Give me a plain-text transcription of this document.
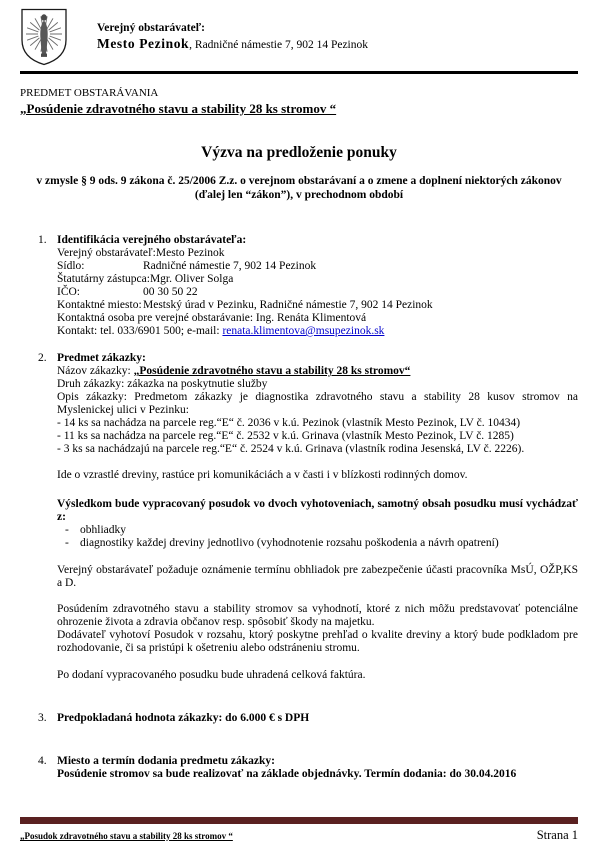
Verejný obstarávateľ:
Mesto Pezinok, Radničné námestie 7, 902 14 Pezinok
PREDMET OBSTARÁVANIA
„Posúdenie zdravotného stavu a stability 28 ks stromov “
Výzva na predloženie ponuky
v zmysle § 9 ods. 9 zákona č. 25/2006 Z.z. o verejnom obstarávaní a o zmene a doplnení niektorých zákonov
(ďalej len “zákon”), v prechodnom období
1. Identifikácia verejného obstarávateľa:
Verejný obstarávateľ: Mesto Pezinok
Sídlo:	Radničné námestie 7, 902 14 Pezinok
Štatutárny zástupca: Mgr. Oliver Solga
IČO:	00 30 50 22
Kontaktné miesto: Mestský úrad v Pezinku, Radničné námestie 7, 902 14 Pezinok
Kontaktná osoba pre verejné obstarávanie: Ing. Renáta Klimentová
Kontakt: tel. 033/6901 500; e-mail: renata.klimentova@msupezinok.sk
2. Predmet zákazky:
Názov zákazky: „Posúdenie zdravotného stavu a stability 28 ks stromov“
Druh zákazky: zákazka na poskytnutie služby
Opis zákazky: Predmetom zákazky je diagnostika zdravotného stavu a stability 28 kusov stromov na Myslenickej ulici v Pezinku:
- 14 ks sa nachádza na parcele reg.“E“ č. 2036 v k.ú. Pezinok (vlastník Mesto Pezinok, LV č. 10434)
- 11 ks sa nachádza na parcele reg.“E“ č. 2532 v k.ú. Grinava (vlastník Mesto Pezinok, LV č. 1285)
- 3 ks sa nachádzajú na parcele reg.“E“ č. 2524 v k.ú. Grinava (vlastník rodina Jesenská, LV č. 2226).
Ide o vzrastlé dreviny, rastúce pri komunikáciách a v časti i v blízkosti rodinných domov.
Výsledkom bude vypracovaný posudok vo dvoch vyhotoveniach, samotný obsah posudku musí vychádzať z:
- obhliadky
- diagnostiky každej dreviny jednotlivo (vyhodnotenie rozsahu poškodenia a návrh opatrení)
Verejný obstarávateľ požaduje oznámenie termínu obhliadok pre zabezpečenie účasti pracovníka MsÚ, OŽP,KS a D.
Posúdením zdravotného stavu a stability stromov sa vyhodnotí, ktoré z nich môžu predstavovať potenciálne ohrozenie života a zdravia občanov resp. spôsobiť škody na majetku.
Dodávateľ vyhotoví Posudok v rozsahu, ktorý poskytne prehľad o kvalite dreviny a ktorý bude podkladom pre rozhodovanie, či sa pristúpi k ošetreniu alebo odstráneniu stromu.
Po dodaní vypracovaného posudku bude uhradená celková faktúra.
3. Predpokladaná hodnota zákazky: do 6.000 € s DPH
4. Miesto a termín dodania predmetu zákazky:
Posúdenie stromov sa bude realizovať na základe objednávky. Termín dodania: do 30.04.2016
„Posudok zdravotného stavu a stability 28 ks stromov “	Strana 1
